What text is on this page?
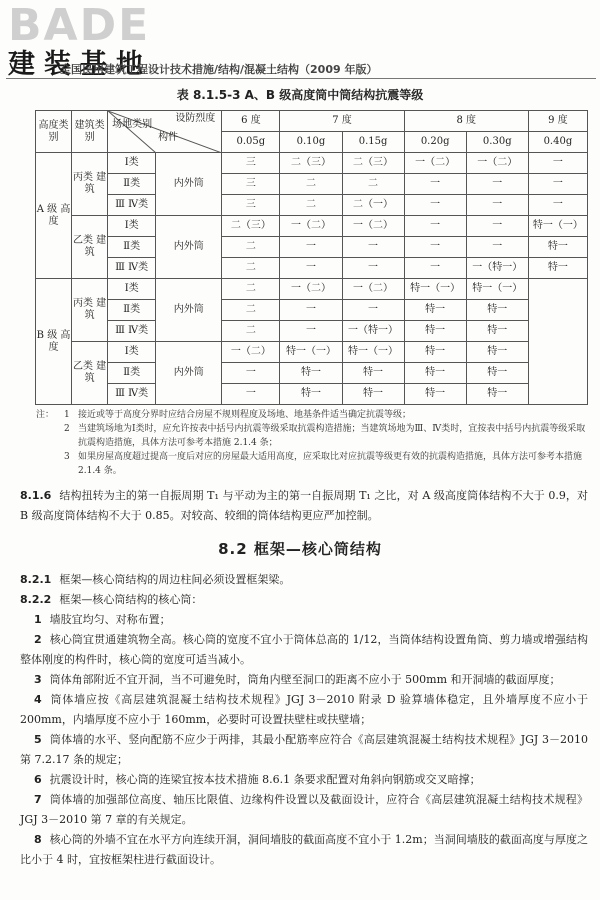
BADE
建装基地
全国民用建筑工程设计技术措施/结构/混凝土结构（2009 年版）
表 8.1.5-3 A、B 级高度筒中筒结构抗震等级
高度类别	建筑类别	设防烈度
场地类别
构件		6 度	7 度		8 度		9 度
				0.05g	0.10g	0.15g	0.20g	0.30g	0.40g
A 级 高度	丙类 建筑	Ⅰ类	内外筒	三	二（三）	二（三）	一（二）	一（二）	一
		Ⅱ类		三	二	二	一	一	一
		Ⅲ Ⅳ类		三	二	二（一）	一	一	一
	乙类 建筑	Ⅰ类	内外筒	二（三）	一（二）	一（二）	一	一	特一（一）
		Ⅱ类		二	一	一	一	一	特一
		Ⅲ Ⅳ类		二	一	一	一	一（特一）	特一
B 级 高度	丙类 建筑	Ⅰ类	内外筒	二	一（二）	一（二）	特一（一）	特一（一）	
		Ⅱ类		二	一	一	特一	特一	
		Ⅲ Ⅳ类		二	一	一（特一）	特一	特一	
	乙类 建筑	Ⅰ类	内外筒	一（二）	特一（一）	特一（一）	特一	特一	
		Ⅱ类		一	特一	特一	特一	特一	
		Ⅲ Ⅳ类		一	特一	特一	特一	特一	
注： 1 接近或等于高度分界时应结合房屋不规则程度及场地、地基条件适当确定抗震等级；
2 当建筑场地为Ⅰ类时，应允许按表中括号内抗震等级采取抗震构造措施；当建筑场地为Ⅲ、Ⅳ类时，宜按表中括号内抗震等级采取抗震构造措施，具体方法可参考本措施 2.1.4 条；
3 如果房屋高度超过提高一度后对应的房屋最大适用高度，应采取比对应抗震等级更有效的抗震构造措施，具体方法可参考本措施 2.1.4 条。
8.1.6 结构扭转为主的第一自振周期 T₁ 与平动为主的第一自振周期 T₁ 之比，对 A 级高度筒体结构不大于 0.9，对 B 级高度筒体结构不大于 0.85。对较高、较细的筒体结构更应严加控制。
8.2 框架—核心筒结构
8.2.1 框架—核心筒结构的周边柱间必须设置框架梁。
8.2.2 框架—核心筒结构的核心筒：
1 墙肢宜均匀、对称布置；
2 核心筒宜贯通建筑物全高。核心筒的宽度不宜小于筒体总高的 1/12，当筒体结构设置角筒、剪力墙或增强结构整体刚度的构件时，核心筒的宽度可适当减小。
3 筒体角部附近不宜开洞，当不可避免时，筒角内壁至洞口的距离不应小于 500mm 和开洞墙的截面厚度；
4 筒体墙应按《高层建筑混凝土结构技术规程》JGJ 3－2010 附录 D 验算墙体稳定，且外墙厚度不应小于 200mm，内墙厚度不应小于 160mm，必要时可设置扶壁柱或扶壁墙；
5 筒体墙的水平、竖向配筋不应少于两排，其最小配筋率应符合《高层建筑混凝土结构技术规程》JGJ 3－2010 第 7.2.17 条的规定；
6 抗震设计时，核心筒的连梁宜按本技术措施 8.6.1 条要求配置对角斜向钢筋或交叉暗撑；
7 筒体墙的加强部位高度、轴压比限值、边缘构件设置以及截面设计，应符合《高层建筑混凝土结构技术规程》JGJ 3－2010 第 7 章的有关规定。
8 核心筒的外墙不宜在水平方向连续开洞，洞间墙肢的截面高度不宜小于 1.2m；当洞间墙肢的截面高度与厚度之比小于 4 时，宜按框架柱进行截面设计。
